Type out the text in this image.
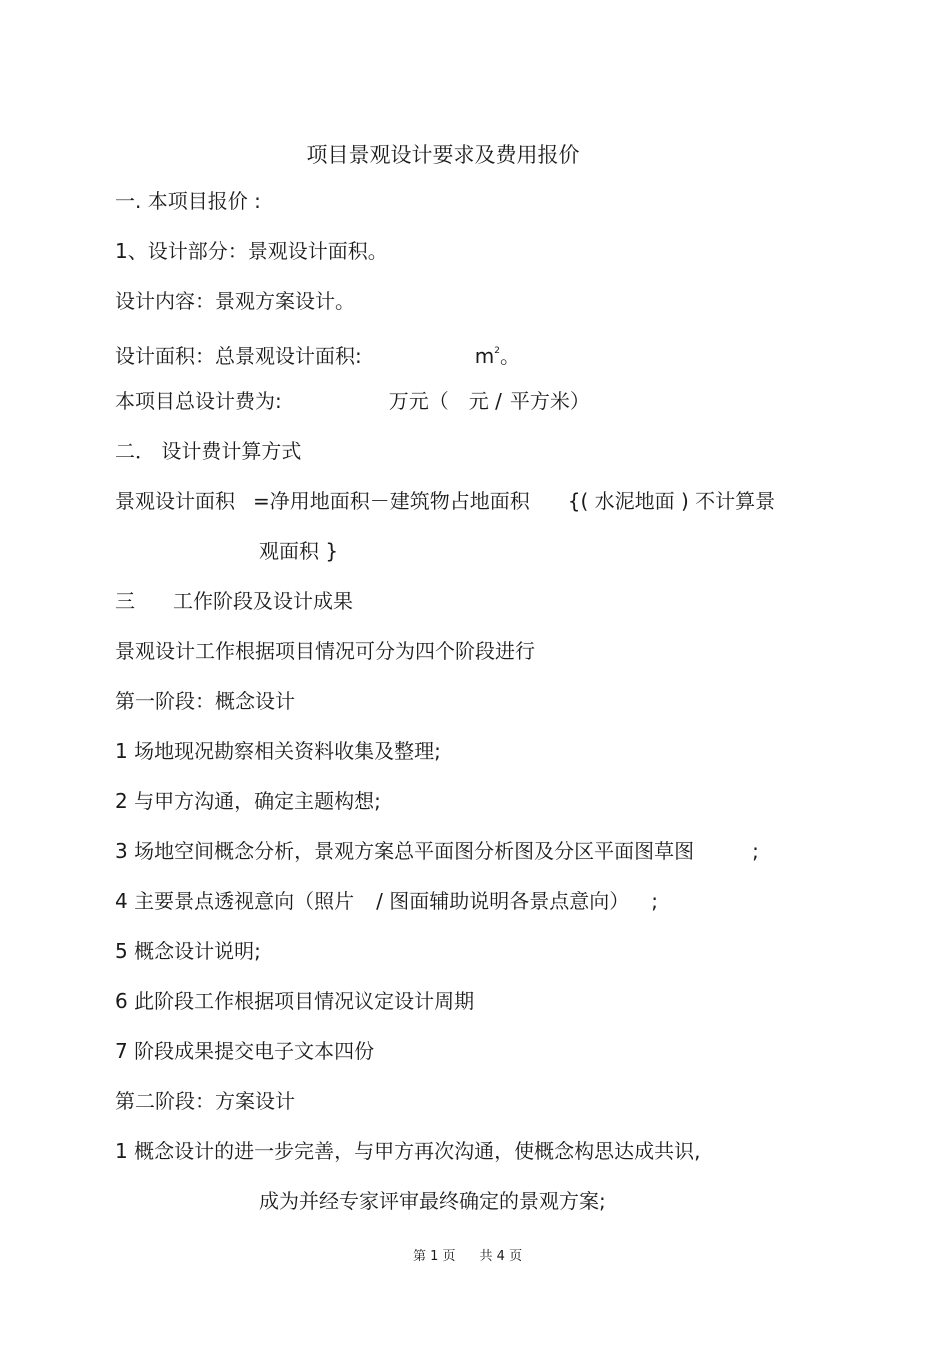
项目景观设计要求及费用报价
一. 本项目报价 :
1、设计部分：景观设计面积。
设计内容：景观方案设计。
设计面积：总景观设计面积:	$m^2$。
本项目总设计费为:	万元（ 元 / 平方米）
二． 设计费计算方式
景观设计面积 =净用地面积－建筑物占地面积 {( 水泥地面 ) 不计算景
观面积 }
三 工作阶段及设计成果
景观设计工作根据项目情况可分为四个阶段进行
第一阶段：概念设计
1 场地现况勘察相关资料收集及整理;
2 与甲方沟通，确定主题构想;
3 场地空间概念分析，景观方案总平面图分析图及分区平面图草图	;
4 主要景点透视意向（照片 / 图面辅助说明各景点意向） ;
5 概念设计说明;
6 此阶段工作根据项目情况议定设计周期
7 阶段成果提交电子文本四份
第二阶段：方案设计
1 概念设计的进一步完善，与甲方再次沟通，使概念构思达成共识,
成为并经专家评审最终确定的景观方案;
第 1 页 共 4 页
